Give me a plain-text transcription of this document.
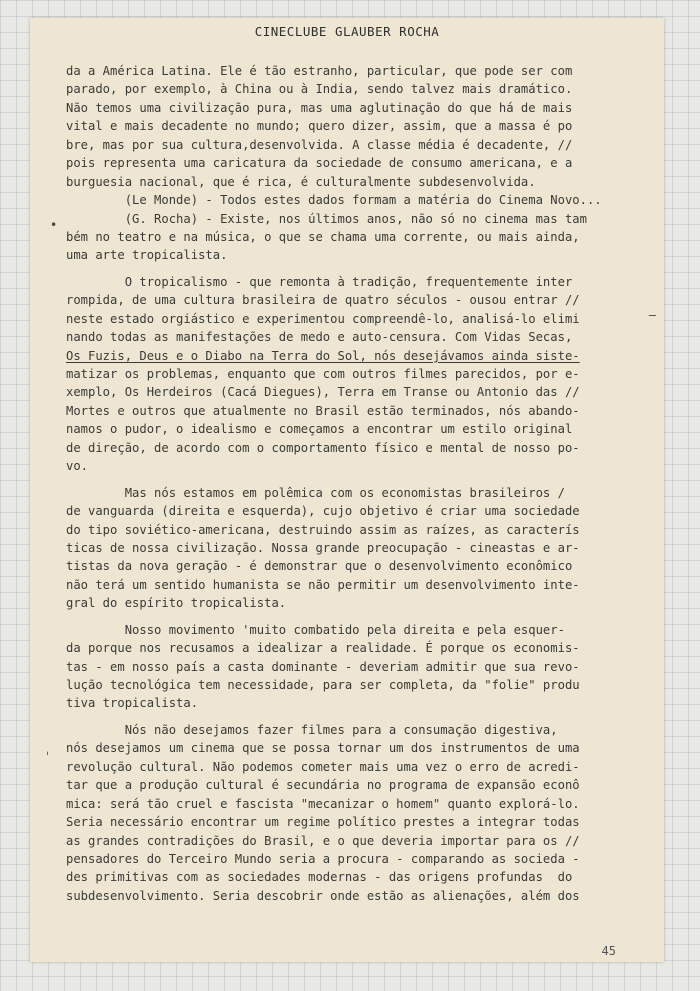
CINECLUBE GLAUBER ROCHA
•
—
ˌ
da a América Latina. Ele é tão estranho, particular, que pode ser com
parado, por exemplo, à China ou à India, sendo talvez mais dramático.
Não temos uma civilização pura, mas uma aglutinação do que há de mais
vital e mais decadente no mundo; quero dizer, assim, que a massa é po
bre, mas por sua cultura,desenvolvida. A classe média é decadente, //
pois representa uma caricatura da sociedade de consumo americana, e a
burguesia nacional, que é rica, é culturalmente subdesenvolvida.
(Le Monde) - Todos estes dados formam a matéria do Cinema Novo...
(G. Rocha) - Existe, nos últimos anos, não só no cinema mas tam
bém no teatro e na música, o que se chama uma corrente, ou mais ainda,
uma arte tropicalista.
O tropicalismo - que remonta à tradição, frequentemente inter
rompida, de uma cultura brasileira de quatro séculos - ousou entrar //
neste estado orgiástico e experimentou compreendê-lo, analisá-lo elimi
nando todas as manifestações de medo e auto-censura. Com Vidas Secas,
Os Fuzis, Deus e o Diabo na Terra do Sol, nós desejávamos ainda siste-
matizar os problemas, enquanto que com outros filmes parecidos, por e-
xemplo, Os Herdeiros (Cacá Diegues), Terra em Transe ou Antonio das //
Mortes e outros que atualmente no Brasil estão terminados, nós abando-
namos o pudor, o idealismo e começamos a encontrar um estilo original
de direção, de acordo com o comportamento físico e mental de nosso po-
vo.
Mas nós estamos em polêmica com os economistas brasileiros /
de vanguarda (direita e esquerda), cujo objetivo é criar uma sociedade
do tipo soviético-americana, destruindo assim as raízes, as caracterís
ticas de nossa civilização. Nossa grande preocupação - cineastas e ar-
tistas da nova geração - é demonstrar que o desenvolvimento econômico
não terá um sentido humanista se não permitir um desenvolvimento inte-
gral do espírito tropicalista.
Nosso movimento 'muito combatido pela direita e pela esquer-
da porque nos recusamos a idealizar a realidade. É porque os economis-
tas - em nosso país a casta dominante - deveriam admitir que sua revo-
lução tecnológica tem necessidade, para ser completa, da "folie" produ
tiva tropicalista.
Nós não desejamos fazer filmes para a consumação digestiva,
nós desejamos um cinema que se possa tornar um dos instrumentos de uma
revolução cultural. Não podemos cometer mais uma vez o erro de acredi-
tar que a produção cultural é secundária no programa de expansão econô
mica: será tão cruel e fascista "mecanizar o homem" quanto explorá-lo.
Seria necessário encontrar um regime político prestes a integrar todas
as grandes contradições do Brasil, e o que deveria importar para os //
pensadores do Terceiro Mundo seria a procura - comparando as socieda -
des primitivas com as sociedades modernas - das origens profundas  do
subdesenvolvimento. Seria descobrir onde estão as alienações, além dos
45
